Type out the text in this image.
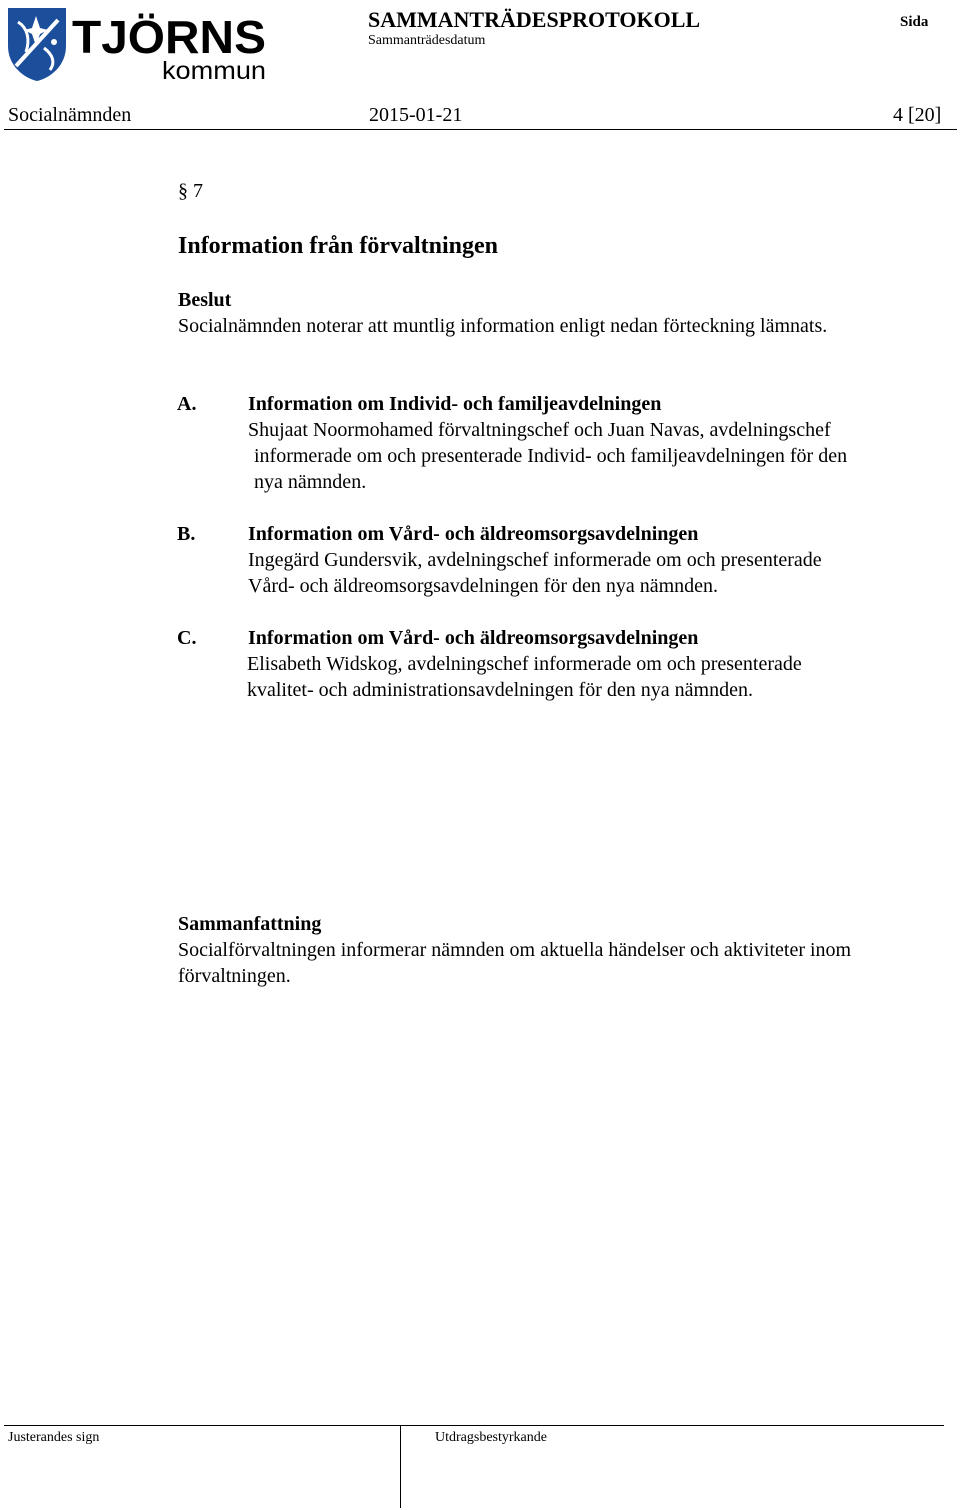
TJÖRNS
kommun
SAMMANTRÄDESPROTOKOLL
Sammanträdesdatum
Sida
Socialnämnden	2015-01-21	4 [20]
§ 7
Information från förvaltningen
Beslut
Socialnämnden noterar att muntlig information enligt nedan förteckning lämnats.
A.	Information om Individ- och familjeavdelningen
Shujaat Noormohamed förvaltningschef och Juan Navas, avdelningschef
informerade om och presenterade Individ- och familjeavdelningen för den
nya nämnden.
B.	Information om Vård- och äldreomsorgsavdelningen
Ingegärd Gundersvik, avdelningschef informerade om och presenterade
Vård- och äldreomsorgsavdelningen för den nya nämnden.
C.	Information om Vård- och äldreomsorgsavdelningen
Elisabeth Widskog, avdelningschef informerade om och presenterade
kvalitet- och administrationsavdelningen för den nya nämnden.
Sammanfattning
Socialförvaltningen informerar nämnden om aktuella händelser och aktiviteter inom
förvaltningen.
Justerandes sign	Utdragsbestyrkande
